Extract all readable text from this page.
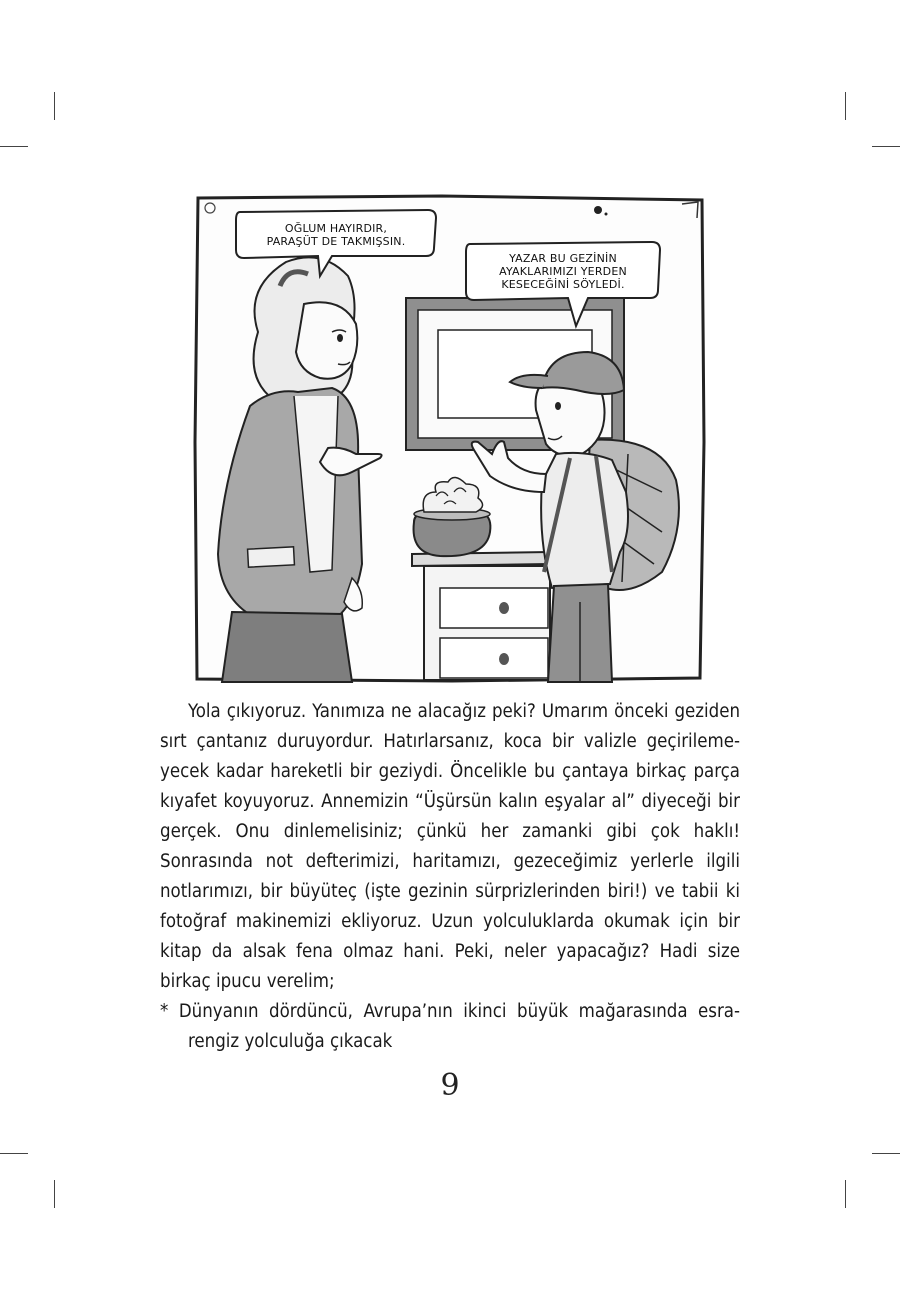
OĞLUM HAYIRDIR,
PARAŞÜT DE TAKMIŞSIN.
YAZAR BU GEZİNİN
AYAKLARIMIZI YERDEN
KESECEĞİNİ SÖYLEDİ.

Yola çıkıyoruz. Yanımıza ne alacağız peki? Umarım önceki geziden sırt çantanız duruyordur. Hatırlarsanız, koca bir valizle geçirileme-yecek kadar hareketli bir geziydi. Öncelikle bu çantaya birkaç parça kıyafet koyuyoruz. Annemizin “Üşürsün kalın eşyalar al” diyeceği bir gerçek. Onu dinlemelisiniz; çünkü her zamanki gibi çok haklı! Sonrasında not defterimizi, haritamızı, gezeceğimiz yerlerle ilgili notlarımızı, bir büyüteç (işte gezinin sürprizlerinden biri!) ve tabii ki fotoğraf makinemizi ekliyoruz. Uzun yolculuklarda okumak için bir kitap da alsak fena olmaz hani. Peki, neler yapacağız? Hadi size birkaç ipucu verelim;

* Dünyanın dördüncü, Avrupa’nın ikinci büyük mağarasında esra-rengiz yolculuğa çıkacak

9
